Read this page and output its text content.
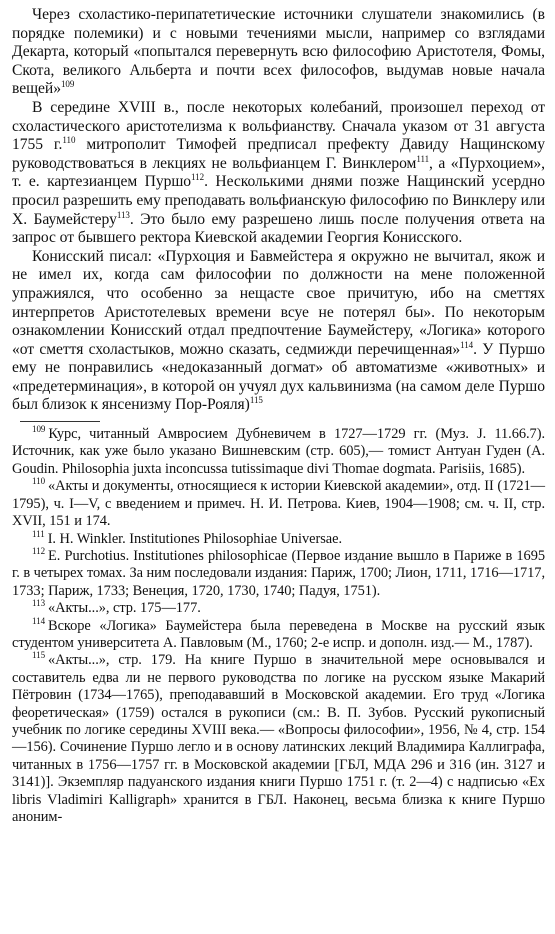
Через схоластико-перипатетические источники слушатели знакомились (в порядке полемики) и с новыми течениями мысли, например со взглядами Декарта, который «попытался перевернуть всю философию Аристотеля, Фомы, Скота, великого Альберта и почти всех философов, выдумав новые начала вещей»$^{109}$

В середине XVIII в., после некоторых колебаний, произошел переход от схоластического аристотелизма к вольфианству. Сначала указом от 31 августа 1755 г.$^{110}$ митрополит Тимофей предписал префекту Давиду Нащинскому руководствоваться в лекциях не вольфианцем Г. Винклером$^{111}$, а «Пурхоцием», т. е. картезианцем Пуршо$^{112}$. Несколькими днями позже Нащинский усердно просил разрешить ему преподавать вольфианскую философию по Винклеру или Х. Баумейстеру$^{113}$. Это было ему разрешено лишь после получения ответа на запрос от бывшего ректора Киевской академии Георгия Конисского.

Конисский писал: «Пурхоция и Бавмейстера я окружно не вычитал, якож и не имел их, когда сам философии по должности на мене положенной упражиялся, что особенно за нещасте свое причитую, ибо на сметтях интерпретов Аристотелевых времени всуе не потерял бы». По некоторым ознакомлении Конисский отдал предпочтение Баумейстеру, «Логика» которого «от смеття схоластыков, можно сказать, седмижди перечищенная»$^{114}$. У Пуршо ему не понравились «недоказанный догмат» об автоматизме «животных» и «предетерминация», в которой он учуял дух кальвинизма (на самом деле Пуршо был близок к янсенизму Пор-Рояля)$^{115}$

$^{109}$ Курс, читанный Амвросием Дубневичем в 1727—1729 гг. (Муз. J. 11.66.7). Источник, как уже было указано Вишневским (стр. 605),— томист Антуан Гуден (A. Goudin. Philosophia juxta inconcussa tutissimaque divi Thomae dogmata. Parisiis, 1685).

$^{110}$ «Акты и документы, относящиеся к истории Киевской академии», отд. II (1721—1795), ч. I—V, с введением и примеч. Н. И. Петрова. Киев, 1904—1908; см. ч. II, стр. XVII, 151 и 174.

$^{111}$ I. H. Winkler. Institutiones Philosophiae Universae.

$^{112}$ E. Purchotius. Institutiones philosophicae (Первое издание вышло в Париже в 1695 г. в четырех томах. За ним последовали издания: Париж, 1700; Лион, 1711, 1716—1717, 1733; Париж, 1733; Венеция, 1720, 1730, 1740; Падуя, 1751).

$^{113}$ «Акты...», стр. 175—177.

$^{114}$ Вскоре «Логика» Баумейстера была переведена в Москве на русский язык студентом университета А. Павловым (М., 1760; 2-е испр. и дополн. изд.— М., 1787).

$^{115}$ «Акты...», стр. 179. На книге Пуршо в значительной мере основывался и составитель едва ли не первого руководства по логике на русском языке Макарий Пётровин (1734—1765), преподававший в Московской академии. Его труд «Логика феоретическая» (1759) остался в рукописи (см.: В. П. Зубов. Русский рукописный учебник по логике середины XVIII века.— «Вопросы философии», 1956, № 4, стр. 154—156). Сочинение Пуршо легло и в основу латинских лекций Владимира Каллиграфа, читанных в 1756—1757 гг. в Московской академии [ГБЛ, МДА 296 и 316 (ин. 3127 и 3141)]. Экземпляр падуанского издания книги Пуршо 1751 г. (т. 2—4) с надписью «Ex libris Vladimiri Kalligraph» хранится в ГБЛ. Наконец, весьма близка к книге Пуршо аноним-
